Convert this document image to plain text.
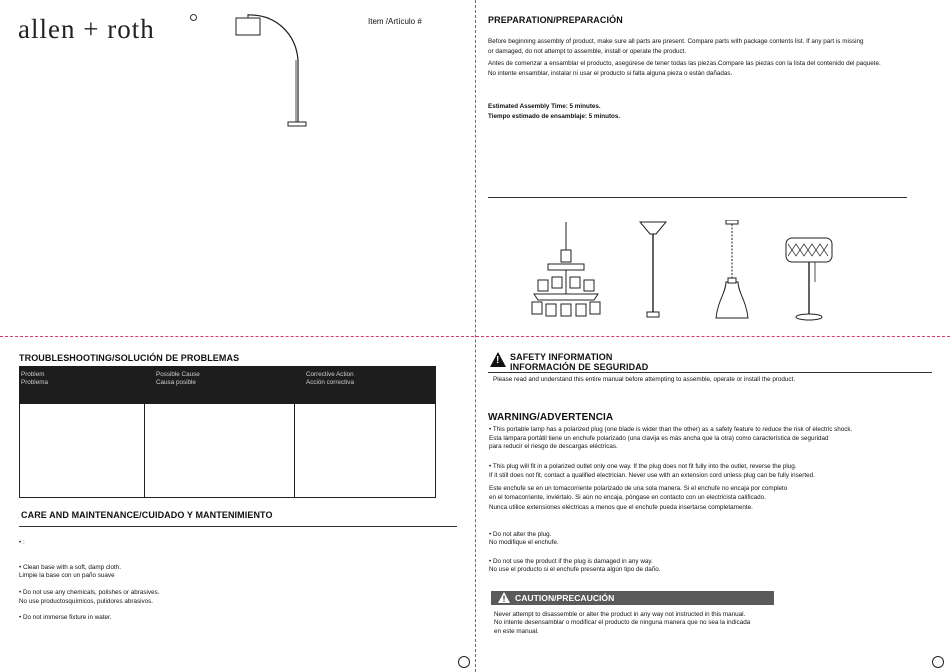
allen + roth	Item /Artículo #	PREPARATION/PREPARACIÓN
Before beginning assembly of product, make sure all parts are present. Compare parts with package contents list. If any part is missing
or damaged, do not attempt to assemble, install or operate the product.
Antes de comenzar a ensamblar el producto, asegúrese de tener todas las piezas.Compare las piezas con la lista del contenido del paquete.
No intente ensamblar, instalar ni usar el producto si falta alguna pieza o están dañadas.
Estimated Assembly Time: 5 minutes.
Tiempo estimado de ensamblaje: 5 minutos.
TROUBLESHOOTING/SOLUCIÓN DE PROBLEMAS
Problem
Problema
Possible Cause
Causa posible
Corrective Action
Acción correctiva
CARE AND MAINTENANCE/CUIDADO Y MANTENIMIENTO
• :
• Clean base with a soft, damp cloth.
Limpie la base con un paño suave
• Do not use any chemicals, polishes or abrasives.
No use productosquímicos, pulidores abrasivos.
• Do not immerse fixture in water.
! SAFETY INFORMATION
INFORMACIÓN DE SEGURIDAD
Please read and understand this entire manual before attempting to assemble, operate or install the product.
WARNING/ADVERTENCIA
• This portable lamp has a polarized plug (one blade is wider than the other) as a safety feature to reduce the risk of electric shock.
Esta lámpara portátil tiene un enchufe polarizado (una clavija es más ancha que la otra) como característica de seguridad
para reducir el riesgo de descargas eléctricas.
• This plug will fit in a polarized outlet only one way. If the plug does not fit fully into the outlet, reverse the plug.
If it still does not fit, contact a qualified electrician. Never use with an extension cord unless plug can be fully inserted.
Este enchufe se en un tomacorriente polarizado de una sola manera. Si el enchufe no encaja por completo
en el tomacorriente, inviértalo. Si aún no encaja, póngase en contacto con un electricista calificado.
Nunca utilice extensiones eléctricas a menos que el enchufe pueda insertarse completamente.
• Do not alter the plug.
No modifique el enchufe.
• Do not use the product if the plug is damaged in any way.
No use el producto si el enchufe presenta algún tipo de daño.
CAUTION/PRECAUCIÓN
Never attempt to disassemble or alter the product in any way not instructed in this manual.
No intente desensamblar o modificar el producto de ninguna manera que no sea la indicada
en este manual.
